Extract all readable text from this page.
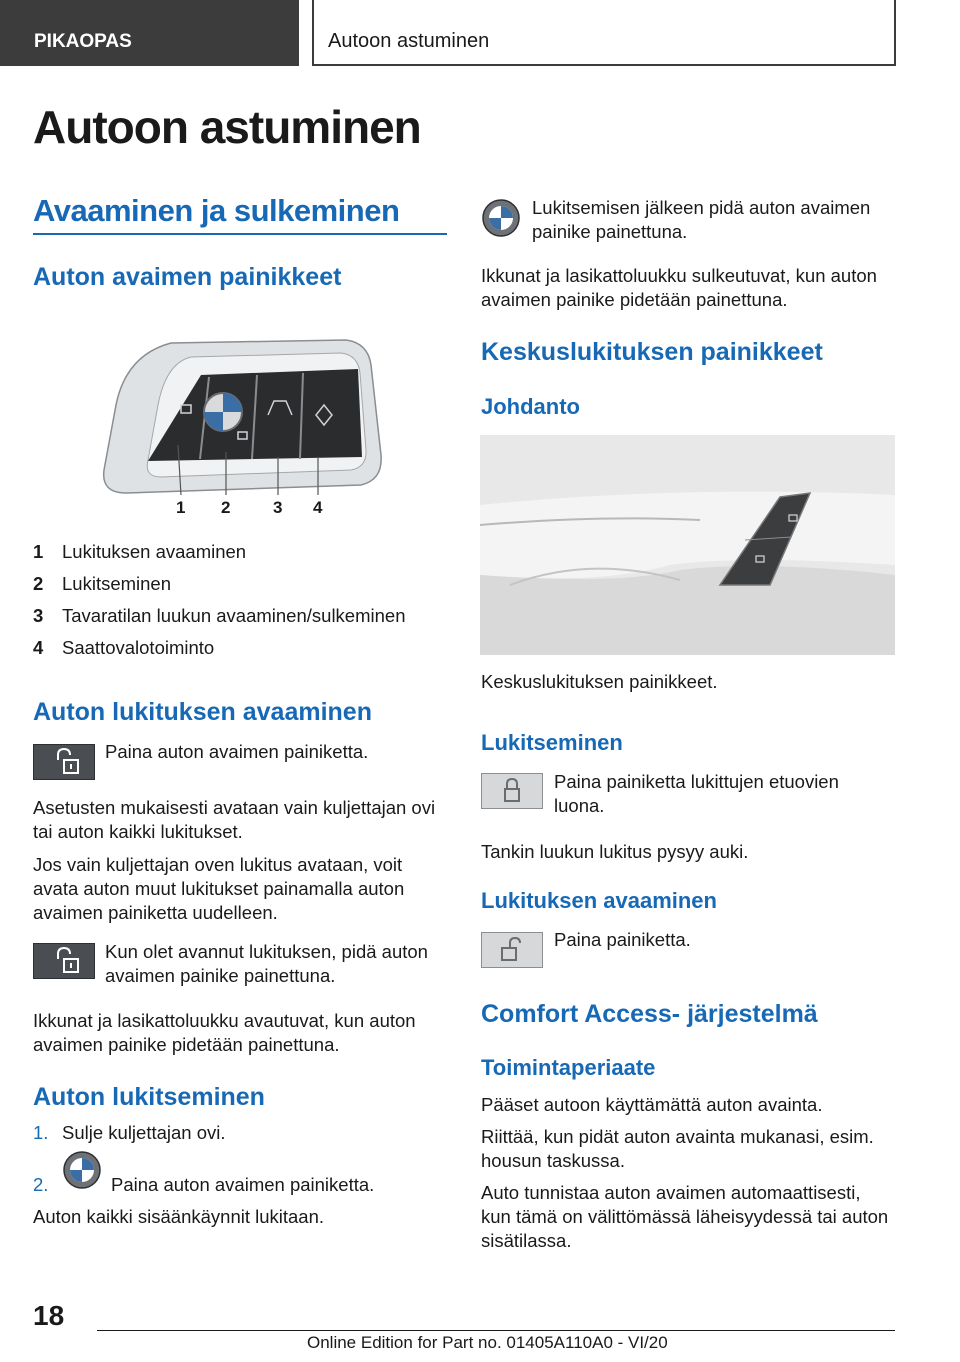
PIKAOPAS	Autoon astuminen
Autoon astuminen
Avaaminen ja sulkeminen
Auton avaimen painikkeet
1 2	3 4
1 Lukituksen avaaminen
2 Lukitseminen
3 Tavaratilan luukun avaaminen/sulkeminen
4 Saattovalotoiminto
Auton lukituksen avaaminen
Paina auton avaimen painiketta.
Asetusten mukaisesti avataan vain kuljettajan ovi
tai auton kaikki lukitukset.
Jos vain kuljettajan oven lukitus avataan, voit
avata auton muut lukitukset painamalla auton
avaimen painiketta uudelleen.
Kun olet avannut lukituksen, pidä auton
avaimen painike painettuna.
Ikkunat ja lasikattoluukku avautuvat, kun auton
avaimen painike pidetään painettuna.
Auton lukitseminen
1. Sulje kuljettajan ovi.
2.	Paina auton avaimen painiketta.
Auton kaikki sisäänkäynnit lukitaan.
Lukitsemisen jälkeen pidä auton avaimen
painike painettuna.
Ikkunat ja lasikattoluukku sulkeutuvat, kun auton
avaimen painike pidetään painettuna.
Keskuslukituksen painikkeet
Johdanto
Keskuslukituksen painikkeet.
Lukitseminen
Paina painiketta lukittujen etuovien
luona.
Tankin luukun lukitus pysyy auki.
Lukituksen avaaminen
Paina painiketta.
Comfort Access- järjestelmä
Toimintaperiaate
Pääset autoon käyttämättä auton avainta.
Riittää, kun pidät auton avainta mukanasi, esim.
housun taskussa.
Auto tunnistaa auton avaimen automaattisesti,
kun tämä on välittömässä läheisyydessä tai auton
sisätilassa.
18
Online Edition for Part no. 01405A110A0 - VI/20
